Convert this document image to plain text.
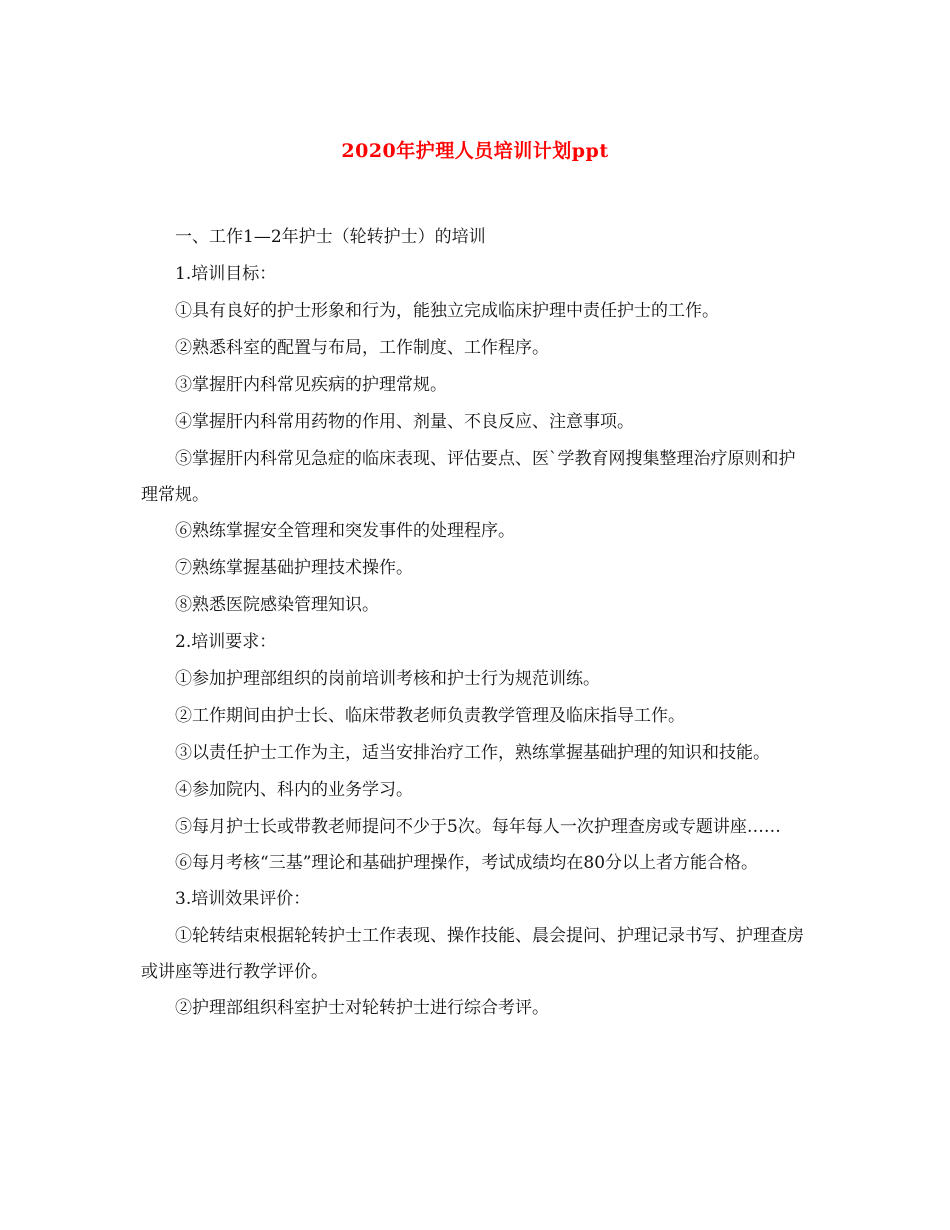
2020年护理人员培训计划ppt

一、工作1—2年护士（轮转护士）的培训

1.培训目标：

①具有良好的护士形象和行为，能独立完成临床护理中责任护士的工作。

②熟悉科室的配置与布局，工作制度、工作程序。

③掌握肝内科常见疾病的护理常规。

④掌握肝内科常用药物的作用、剂量、不良反应、注意事项。

⑤掌握肝内科常见急症的临床表现、评估要点、医`学教育网搜集整理治疗原则和护理常规。

⑥熟练掌握安全管理和突发事件的处理程序。

⑦熟练掌握基础护理技术操作。

⑧熟悉医院感染管理知识。

2.培训要求：

①参加护理部组织的岗前培训考核和护士行为规范训练。

②工作期间由护士长、临床带教老师负责教学管理及临床指导工作。

③以责任护士工作为主，适当安排治疗工作，熟练掌握基础护理的知识和技能。

④参加院内、科内的业务学习。

⑤每月护士长或带教老师提问不少于5次。每年每人一次护理查房或专题讲座……

⑥每月考核“三基”理论和基础护理操作，考试成绩均在80分以上者方能合格。

3.培训效果评价：

①轮转结束根据轮转护士工作表现、操作技能、晨会提问、护理记录书写、护理查房或讲座等进行教学评价。

②护理部组织科室护士对轮转护士进行综合考评。
